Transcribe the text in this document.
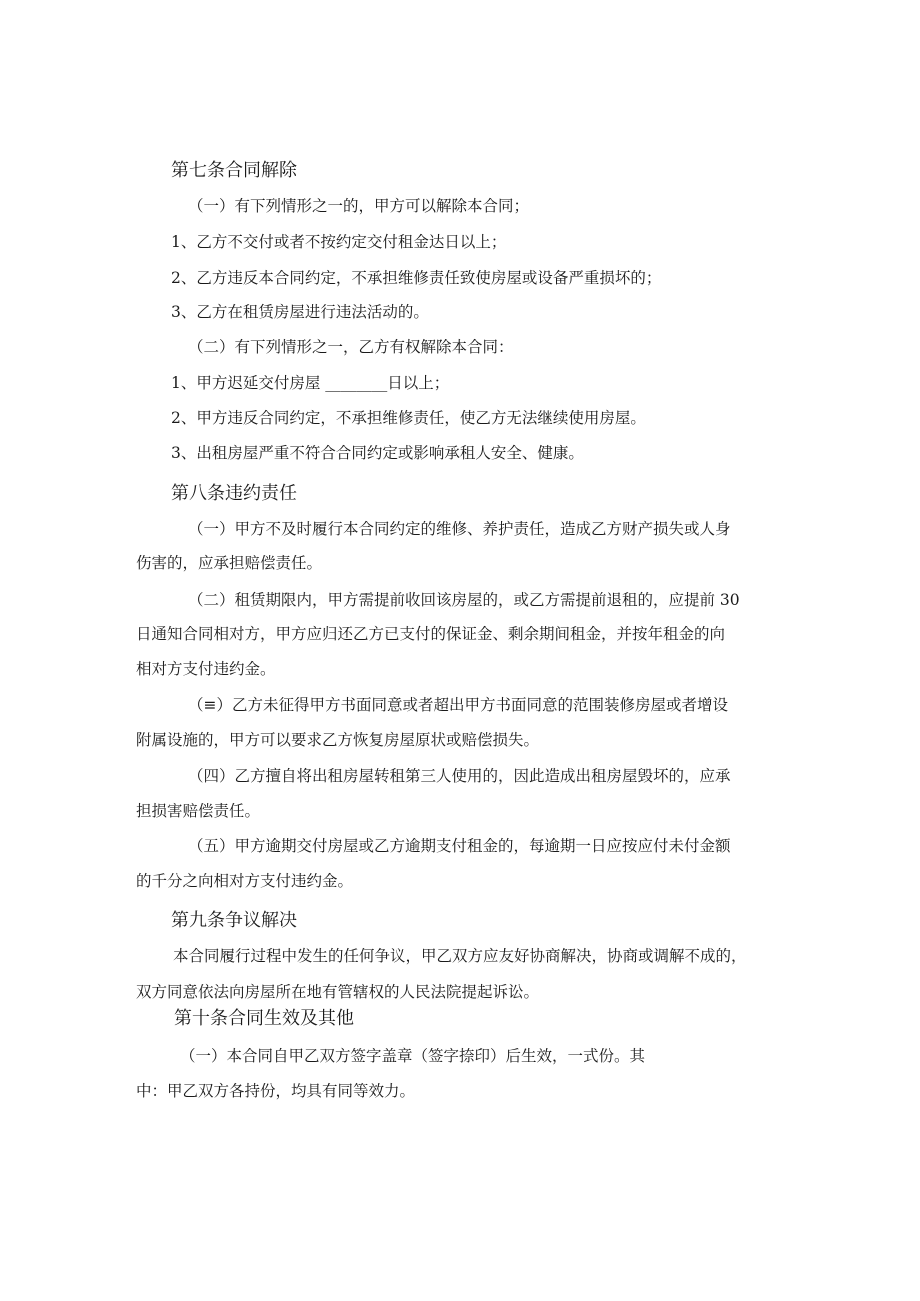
第七条合同解除
（一）有下列情形之一的，甲方可以解除本合同；
1、乙方不交付或者不按约定交付租金达日以上；
2、乙方违反本合同约定，不承担维修责任致使房屋或设备严重损坏的；
3、乙方在租赁房屋进行违法活动的。
（二）有下列情形之一，乙方有权解除本合同：
1、甲方迟延交付房屋 ________日以上；
2、甲方违反合同约定，不承担维修责任，使乙方无法继续使用房屋。
3、出租房屋严重不符合合同约定或影响承租人安全、健康。
第八条违约责任
（一）甲方不及时履行本合同约定的维修、养护责任，造成乙方财产损失或人身
伤害的，应承担赔偿责任。
（二）租赁期限内，甲方需提前收回该房屋的，或乙方需提前退租的，应提前 30
日通知合同相对方，甲方应归还乙方已支付的保证金、剩余期间租金，并按年租金的向
相对方支付违约金。
（≡）乙方未征得甲方书面同意或者超出甲方书面同意的范围装修房屋或者增设
附属设施的，甲方可以要求乙方恢复房屋原状或赔偿损失。
（四）乙方擅自将出租房屋转租第三人使用的，因此造成出租房屋毁坏的，应承
担损害赔偿责任。
（五）甲方逾期交付房屋或乙方逾期支付租金的，每逾期一日应按应付未付金额
的千分之向相对方支付违约金。
第九条争议解决
本合同履行过程中发生的任何争议，甲乙双方应友好协商解决，协商或调解不成的，
双方同意依法向房屋所在地有管辖权的人民法院提起诉讼。
第十条合同生效及其他
（一）本合同自甲乙双方签字盖章（签字捺印）后生效，一式份。其
中：甲乙双方各持份，均具有同等效力。
